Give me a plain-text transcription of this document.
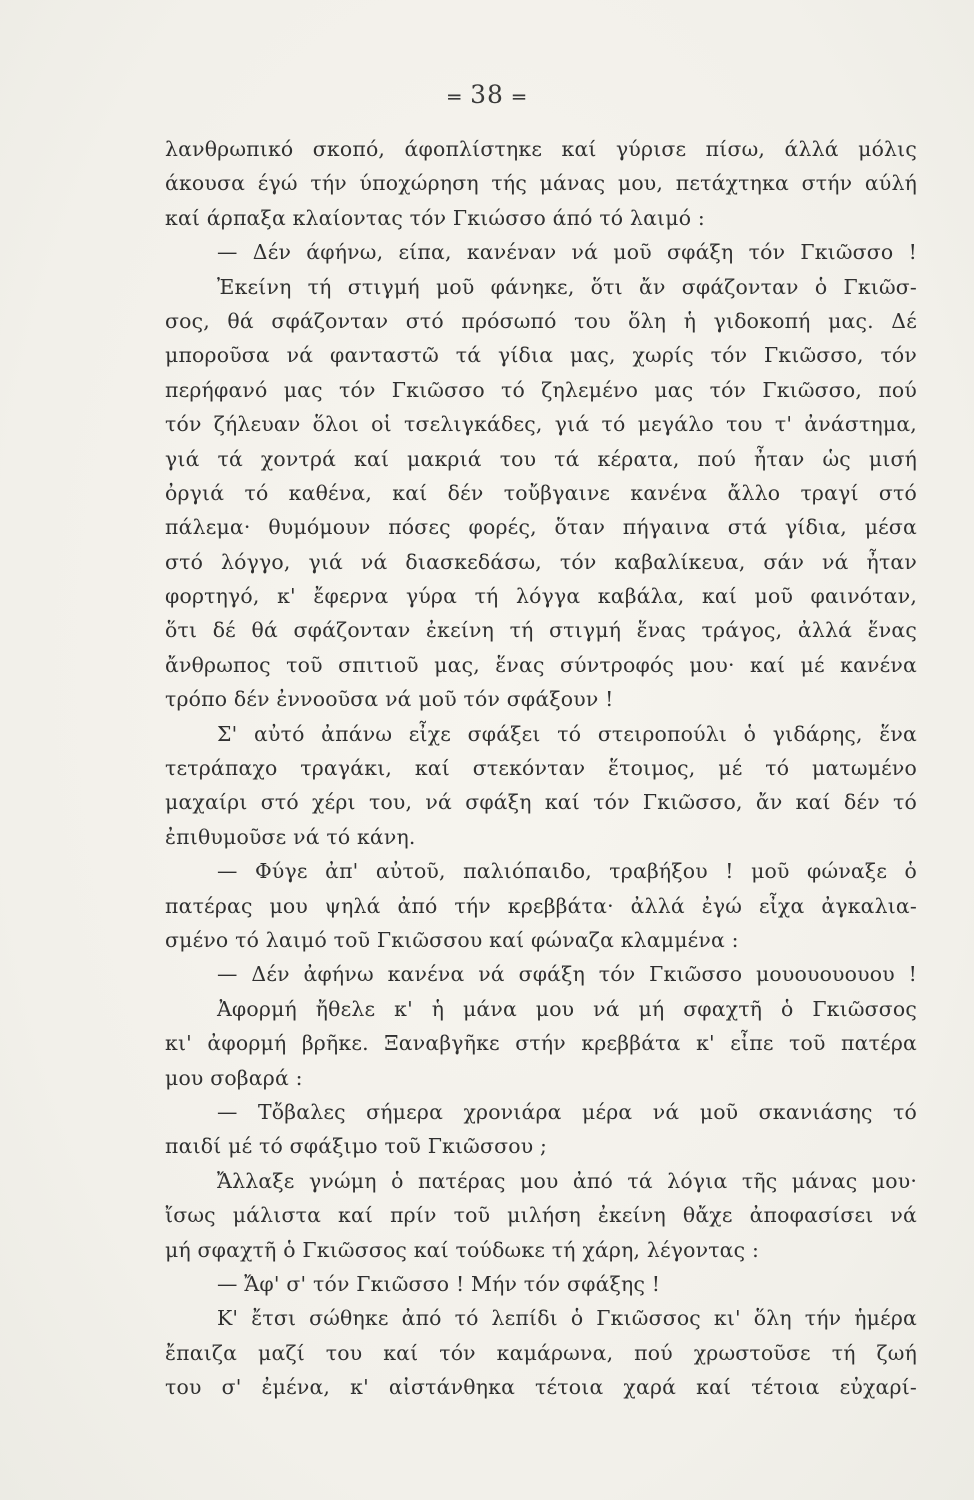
═ 38 ═
λανθρωπικό σκοπό, άφοπλίστηκε καί γύρισε πίσω, άλλά μόλις
άκουσα έγώ τήν ύποχώρηση τής μάνας μου, πετάχτηκα στήν αύλή
καί άρπαξα κλαίοντας τόν Γκιώσσο άπό τό λαιμό :
— Δέν άφήνω, είπα, κανέναν νά μοῦ σφάξη τόν Γκιῶσσο !
Ἐκείνη τή στιγμή μοῦ φάνηκε, ὅτι ἄν σφάζονταν ὁ Γκιῶσ-
σος, θά σφάζονταν στό πρόσωπό του ὅλη ἡ γιδοκοπή μας. Δέ
μποροῦσα νά φανταστῶ τά γίδια μας, χωρίς τόν Γκιῶσσο, τόν
περήφανό μας τόν Γκιῶσσο τό ζηλεμένο μας τόν Γκιῶσσο, πού
τόν ζήλευαν ὅλοι οἱ τσελιγκάδες, γιά τό μεγάλο του τ' ἀνάστημα,
γιά τά χοντρά καί μακριά του τά κέρατα, πού ἦταν ὡς μισή
ὀργιά τό καθένα, καί δέν τοὔβγαινε κανένα ἄλλο τραγί στό
πάλεμα· θυμόμουν πόσες φορές, ὅταν πήγαινα στά γίδια, μέσα
στό λόγγο, γιά νά διασκεδάσω, τόν καβαλίκευα, σάν νά ἦταν
φορτηγό, κ' ἔφερνα γύρα τή λόγγα καβάλα, καί μοῦ φαινόταν,
ὅτι δέ θά σφάζονταν ἐκείνη τή στιγμή ἕνας τράγος, ἀλλά ἕνας
ἄνθρωπος τοῦ σπιτιοῦ μας, ἕνας σύντροφός μου· καί μέ κανένα
τρόπο δέν ἐννοοῦσα νά μοῦ τόν σφάξουν !
Σ' αὐτό ἀπάνω εἶχε σφάξει τό στειροπούλι ὁ γιδάρης, ἕνα
τετράπαχο τραγάκι, καί στεκόνταν ἕτοιμος, μέ τό ματωμένο
μαχαίρι στό χέρι του, νά σφάξη καί τόν Γκιῶσσο, ἄν καί δέν τό
ἐπιθυμοῦσε νά τό κάνη.
— Φύγε ἀπ' αὐτοῦ, παλιόπαιδο, τραβήξου ! μοῦ φώναξε ὁ
πατέρας μου ψηλά ἀπό τήν κρεββάτα· ἀλλά ἐγώ εἶχα ἀγκαλια-
σμένο τό λαιμό τοῦ Γκιῶσσου καί φώναζα κλαμμένα :
— Δέν ἀφήνω κανένα νά σφάξη τόν Γκιῶσσο μουουουουου !
Ἀφορμή ἤθελε κ' ἡ μάνα μου νά μή σφαχτῆ ὁ Γκιῶσσος
κι' ἀφορμή βρῆκε. Ξαναβγῆκε στήν κρεββάτα κ' εἶπε τοῦ πατέρα
μου σοβαρά :
— Τὄβαλες σήμερα χρονιάρα μέρα νά μοῦ σκανιάσης τό
παιδί μέ τό σφάξιμο τοῦ Γκιῶσσου ;
Ἄλλαξε γνώμη ὁ πατέρας μου ἀπό τά λόγια τῆς μάνας μου·
ἴσως μάλιστα καί πρίν τοῦ μιλήση ἐκείνη θἄχε ἀποφασίσει νά
μή σφαχτῆ ὁ Γκιῶσσος καί τούδωκε τή χάρη, λέγοντας :
— Ἄφ' σ' τόν Γκιῶσσο ! Μήν τόν σφάξης !
Κ' ἔτσι σώθηκε ἀπό τό λεπίδι ὁ Γκιῶσσος κι' ὅλη τήν ἡμέρα
ἔπαιζα μαζί του καί τόν καμάρωνα, πού χρωστοῦσε τή ζωή
του σ' ἐμένα, κ' αἰστάνθηκα τέτοια χαρά καί τέτοια εὐχαρί-
